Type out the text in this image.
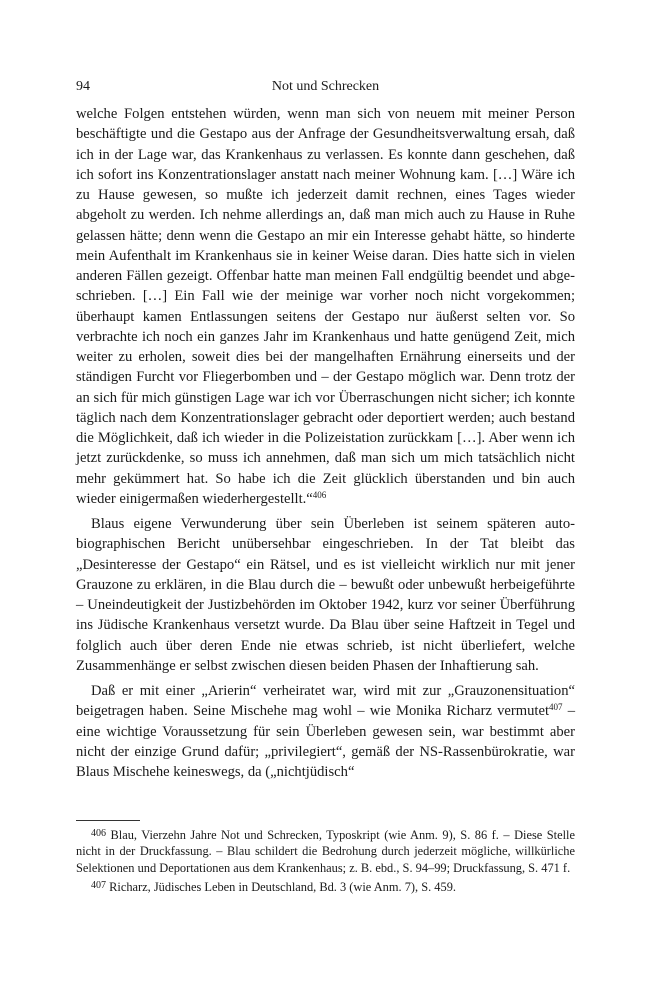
94	Not und Schrecken

welche Folgen entstehen würden, wenn man sich von neuem mit meiner Person beschäftigte und die Gestapo aus der Anfrage der Gesundheitsverwaltung ersah, daß ich in der Lage war, das Krankenhaus zu verlassen. Es konnte dann geschehen, daß ich sofort ins Konzentrationslager anstatt nach meiner Wohnung kam. […] Wäre ich zu Hause gewesen, so mußte ich jederzeit damit rechnen, eines Tages wieder abgeholt zu werden. Ich nehme allerdings an, daß man mich auch zu Hause in Ruhe gelassen hätte; denn wenn die Gestapo an mir ein Interesse gehabt hätte, so hinderte mein Aufenthalt im Krankenhaus sie in keiner Weise daran. Dies hatte sich in vielen anderen Fällen gezeigt. Offenbar hatte man meinen Fall endgültig beendet und abgeschrieben. […] Ein Fall wie der meinige war vorher noch nicht vorgekommen; überhaupt kamen Entlassungen seitens der Gestapo nur äußerst selten vor. So verbrachte ich noch ein ganzes Jahr im Krankenhaus und hatte genügend Zeit, mich weiter zu erholen, soweit dies bei der mangelhaften Ernährung einerseits und der ständigen Furcht vor Fliegerbomben und – der Gestapo möglich war. Denn trotz der an sich für mich günstigen Lage war ich vor Überraschungen nicht sicher; ich konnte täglich nach dem Konzentrationslager gebracht oder deportiert werden; auch bestand die Möglichkeit, daß ich wieder in die Polizeistation zurückkam […]. Aber wenn ich jetzt zurückdenke, so muss ich annehmen, daß man sich um mich tatsächlich nicht mehr gekümmert hat. So habe ich die Zeit glücklich überstanden und bin auch wieder einigermaßen wiederhergestellt.“$^{406}$

Blaus eigene Verwunderung über sein Überleben ist seinem späteren autobiographischen Bericht unübersehbar eingeschrieben. In der Tat bleibt das „Desinteresse der Gestapo“ ein Rätsel, und es ist vielleicht wirklich nur mit jener Grauzone zu erklären, in die Blau durch die – bewußt oder unbewußt herbeigeführte – Uneindeutigkeit der Justizbehörden im Oktober 1942, kurz vor seiner Überführung ins Jüdische Krankenhaus versetzt wurde. Da Blau über seine Haftzeit in Tegel und folglich auch über deren Ende nie etwas schrieb, ist nicht überliefert, welche Zusammenhänge er selbst zwischen diesen beiden Phasen der Inhaftierung sah.

Daß er mit einer „Arierin“ verheiratet war, wird mit zur „Grauzonensituation“ beigetragen haben. Seine Mischehe mag wohl – wie Monika Richarz vermutet$^{407}$ – eine wichtige Voraussetzung für sein Überleben gewesen sein, war bestimmt aber nicht der einzige Grund dafür; „privilegiert“, gemäß der NS-Rassenbürokratie, war Blaus Mischehe keineswegs, da („nichtjüdisch“

$^{406}$ Blau, Vierzehn Jahre Not und Schrecken, Typoskript (wie Anm. 9), S. 86 f. – Diese Stelle nicht in der Druckfassung. – Blau schildert die Bedrohung durch jederzeit mögliche, willkürliche Selektionen und Deportationen aus dem Krankenhaus; z. B. ebd., S. 94–99; Druckfassung, S. 471 f.

$^{407}$ Richarz, Jüdisches Leben in Deutschland, Bd. 3 (wie Anm. 7), S. 459.
